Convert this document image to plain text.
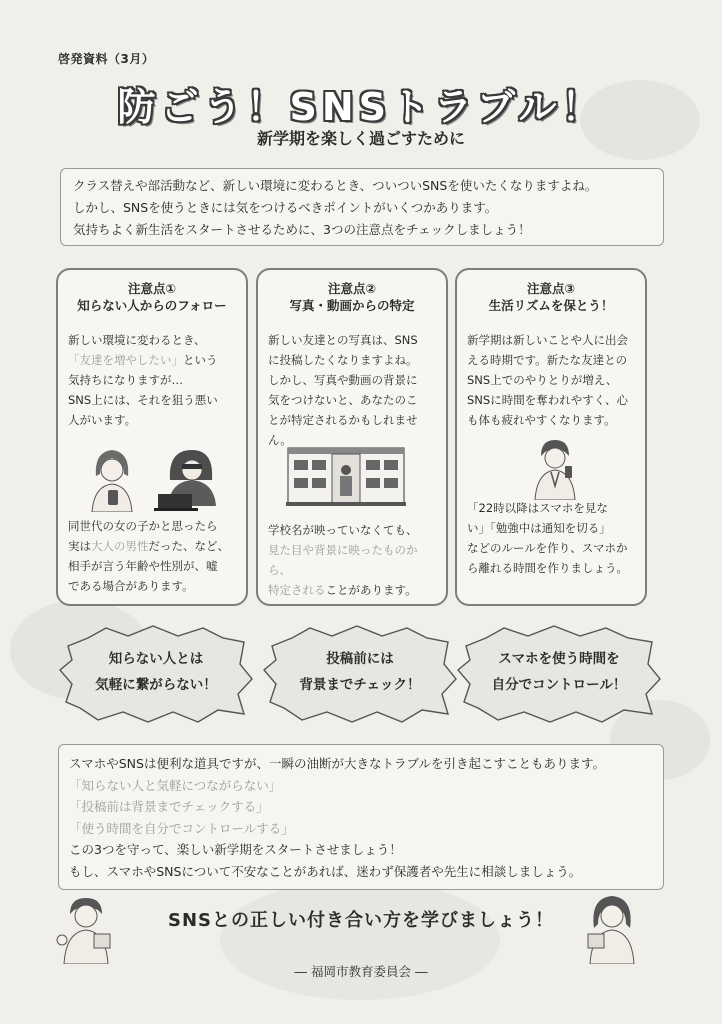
啓発資料（3月）
防ごう！SNSトラブル！
新学期を楽しく過ごすために
クラス替えや部活動など、新しい環境に変わるとき、ついついSNSを使いたくなりますよね。
しかし、SNSを使うときには気をつけるべきポイントがいくつかあります。
気持ちよく新生活をスタートさせるために、3つの注意点をチェックしましょう！
注意点①
知らない人からのフォロー
新しい環境に変わるとき、
「友達を増やしたい」という
気持ちになりますが…
SNS上には、それを狙う悪い
人がいます。
同世代の女の子かと思ったら
実は大人の男性だった、など、
相手が言う年齢や性別が、嘘
である場合があります。
注意点②
写真・動画からの特定
新しい友達との写真は、SNS
に投稿したくなりますよね。
しかし、写真や動画の背景に
気をつけないと、あなたのこ
とが特定されるかもしれませ
ん。
学校名が映っていなくても、
見た目や背景に映ったものから、
特定されることがあります。
注意点③
生活リズムを保とう！
新学期は新しいことや人に出会
える時期です。新たな友達との
SNS上でのやりとりが増え、
SNSに時間を奪われやすく、心
も体も疲れやすくなります。
「22時以降はスマホを見な
い」「勉強中は通知を切る」
などのルールを作り、スマホか
ら離れる時間を作りましょう。
知らない人とは
気軽に繋がらない！
投稿前には
背景までチェック！
スマホを使う時間を
自分でコントロール！
スマホやSNSは便利な道具ですが、一瞬の油断が大きなトラブルを引き起こすこともあります。
「知らない人と気軽につながらない」
「投稿前は背景までチェックする」
「使う時間を自分でコントロールする」
この3つを守って、楽しい新学期をスタートさせましょう！
もし、スマホやSNSについて不安なことがあれば、迷わず保護者や先生に相談しましょう。
SNSとの正しい付き合い方を学びましょう！
― 福岡市教育委員会 ―
